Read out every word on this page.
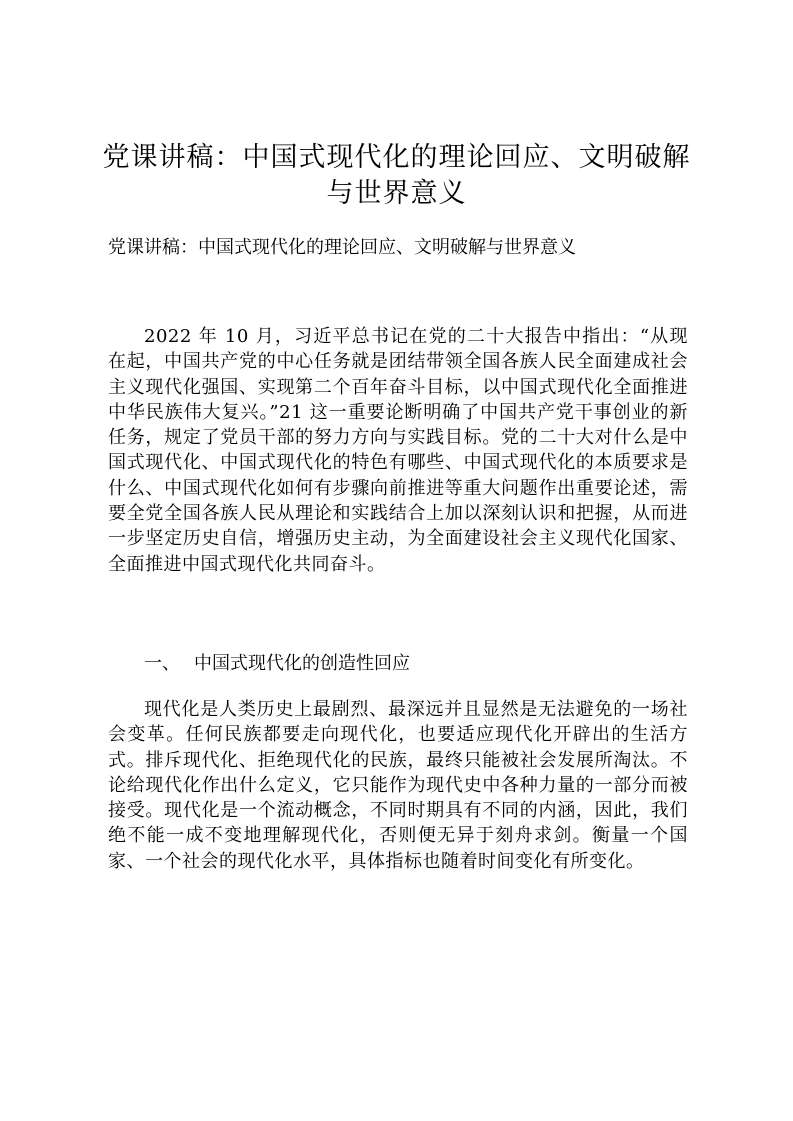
党课讲稿：中国式现代化的理论回应、文明破解与世界意义

党课讲稿：中国式现代化的理论回应、文明破解与世界意义

2022 年 10 月，习近平总书记在党的二十大报告中指出：“从现在起，中国共产党的中心任务就是团结带领全国各族人民全面建成社会主义现代化强国、实现第二个百年奋斗目标，以中国式现代化全面推进中华民族伟大复兴。”21 这一重要论断明确了中国共产党干事创业的新任务，规定了党员干部的努力方向与实践目标。党的二十大对什么是中国式现代化、中国式现代化的特色有哪些、中国式现代化的本质要求是什么、中国式现代化如何有步骤向前推进等重大问题作出重要论述，需要全党全国各族人民从理论和实践结合上加以深刻认识和把握，从而进一步坚定历史自信，增强历史主动，为全面建设社会主义现代化国家、全面推进中国式现代化共同奋斗。

一、 中国式现代化的创造性回应

现代化是人类历史上最剧烈、最深远并且显然是无法避免的一场社会变革。任何民族都要走向现代化，也要适应现代化开辟出的生活方式。排斥现代化、拒绝现代化的民族，最终只能被社会发展所淘汰。不论给现代化作出什么定义，它只能作为现代史中各种力量的一部分而被接受。现代化是一个流动概念，不同时期具有不同的内涵，因此，我们绝不能一成不变地理解现代化，否则便无异于刻舟求剑。衡量一个国家、一个社会的现代化水平，具体指标也随着时间变化有所变化。
